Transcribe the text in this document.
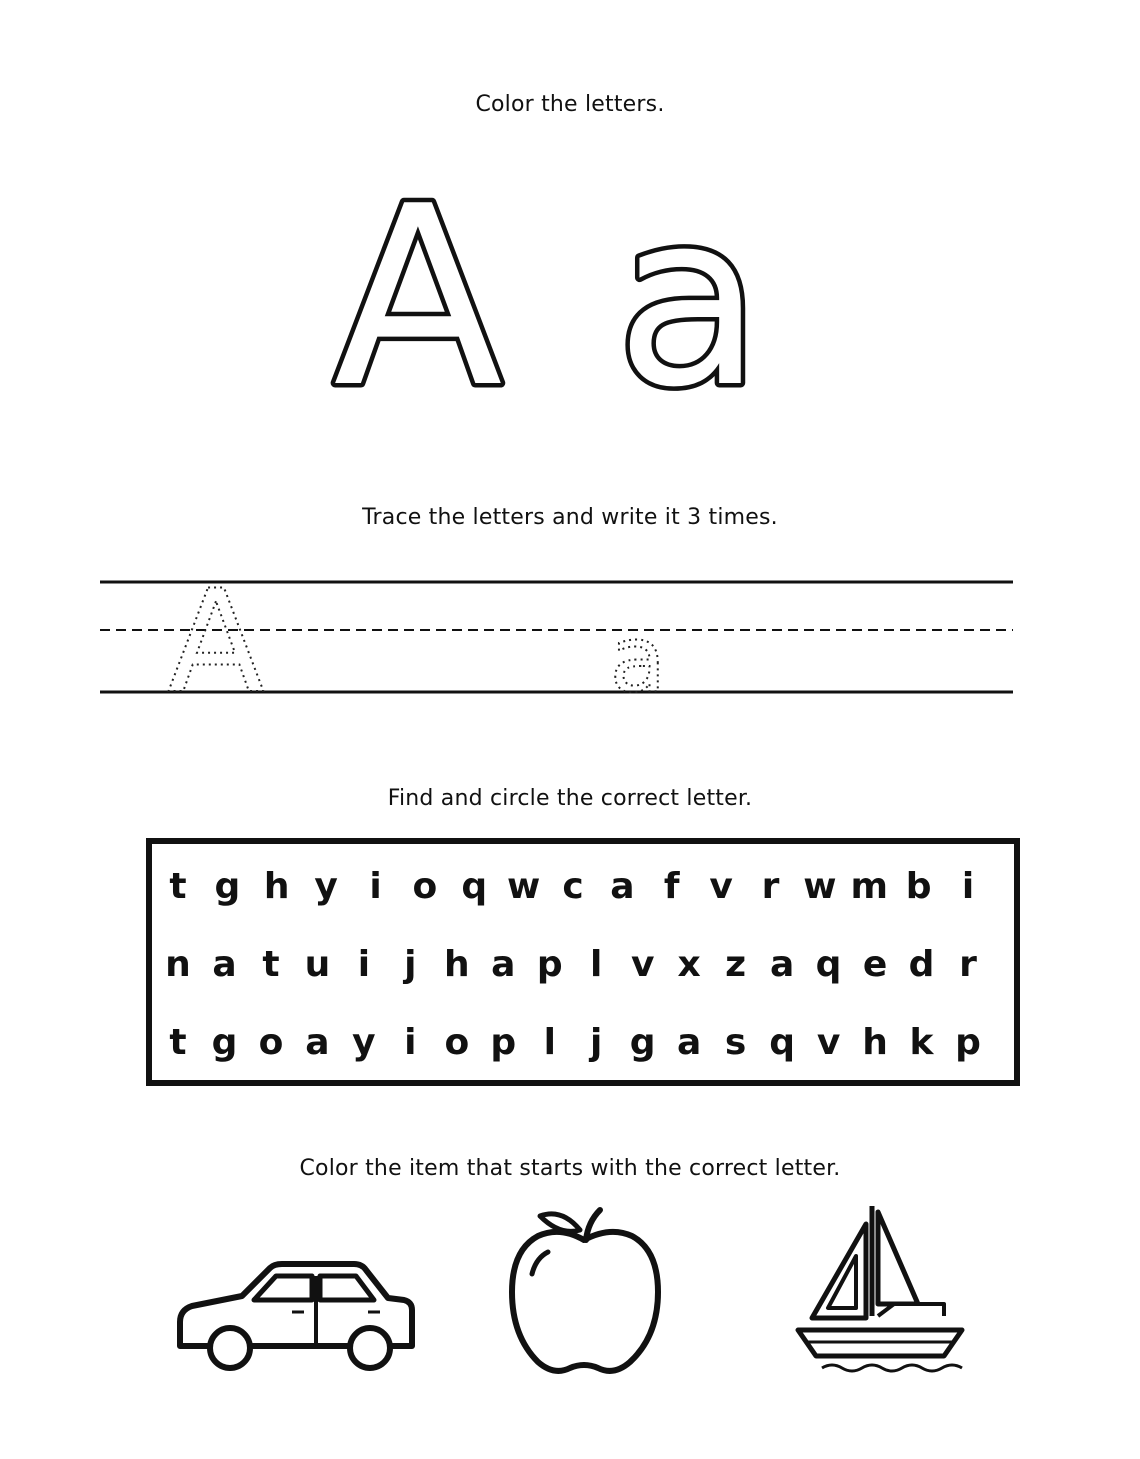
Color the letters.
A a
Trace the letters and write it 3 times.
A	a
Find and circle the correct letter.
t g h y i o q w c a f v r w m b i
n a t u i j h a p l v x z a q e d r
t g o a y i o p l j g a s q v h k p
Color the item that starts with the correct letter.
